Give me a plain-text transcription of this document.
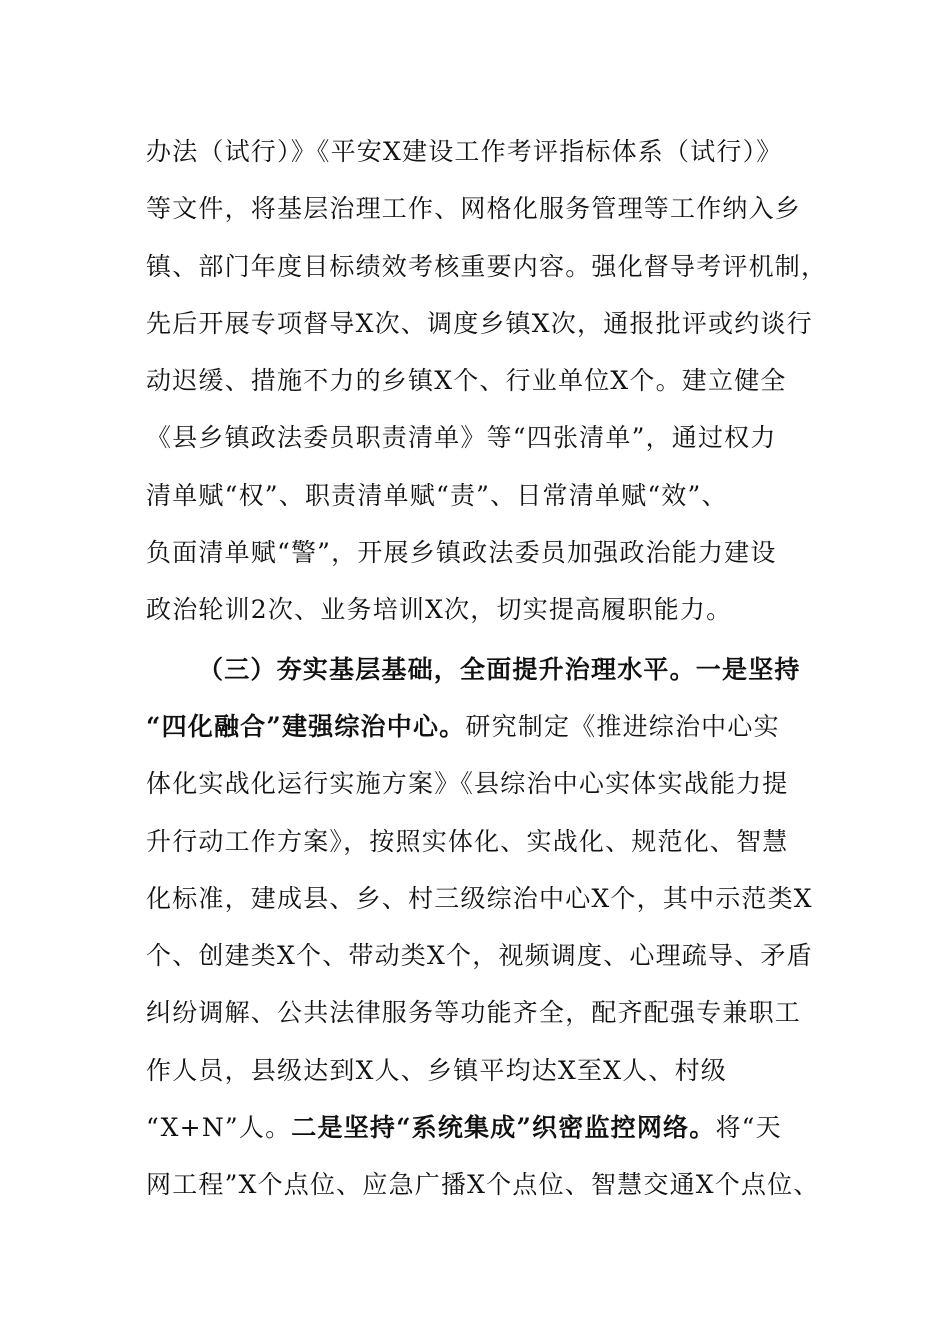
办法（试行）》《平安X建设工作考评指标体系（试行）》
等文件，将基层治理工作、网格化服务管理等工作纳入乡
镇、部门年度目标绩效考核重要内容。强化督导考评机制，
先后开展专项督导X次、调度乡镇X次，通报批评或约谈行
动迟缓、措施不力的乡镇X个、行业单位X个。建立健全
《县乡镇政法委员职责清单》等“四张清单”，通过权力
清单赋“权”、职责清单赋“责”、日常清单赋“效”、
负面清单赋“警”，开展乡镇政法委员加强政治能力建设
政治轮训2次、业务培训X次，切实提高履职能力。
（三）夯实基层基础，全面提升治理水平。一是坚持
“四化融合”建强综治中心。研究制定《推进综治中心实
体化实战化运行实施方案》《县综治中心实体实战能力提
升行动工作方案》，按照实体化、实战化、规范化、智慧
化标准，建成县、乡、村三级综治中心X个，其中示范类X
个、创建类X个、带动类X个，视频调度、心理疏导、矛盾
纠纷调解、公共法律服务等功能齐全，配齐配强专兼职工
作人员，县级达到X人、乡镇平均达X至X人、村级
“X+N”人。二是坚持“系统集成”织密监控网络。将“天
网工程”X个点位、应急广播X个点位、智慧交通X个点位、
